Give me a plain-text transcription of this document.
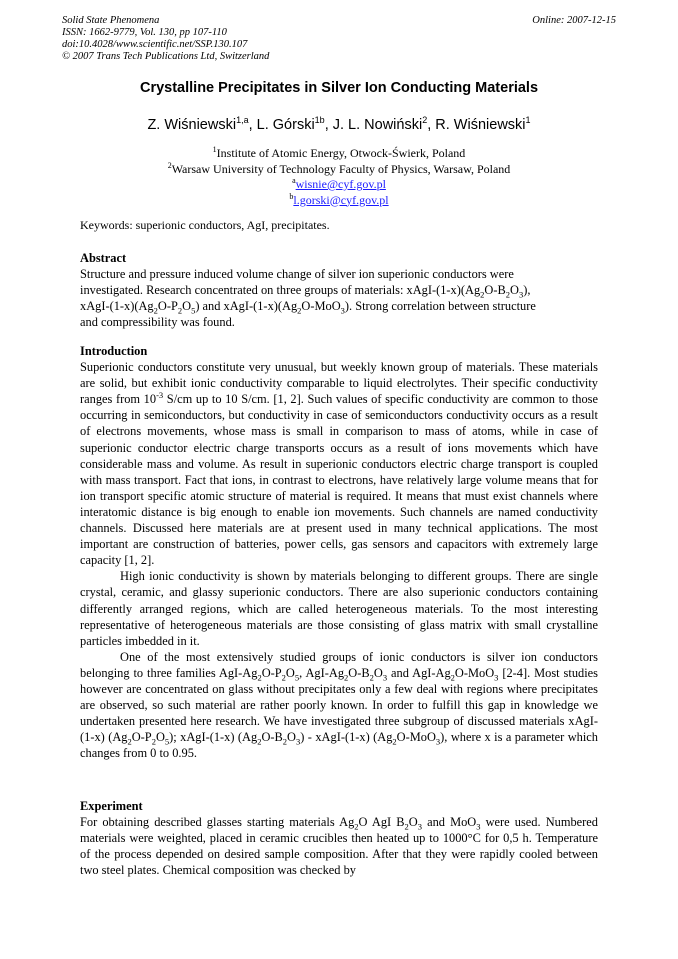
Solid State Phenomena
ISSN: 1662-9779, Vol. 130, pp 107-110
doi:10.4028/www.scientific.net/SSP.130.107
© 2007 Trans Tech Publications Ltd, Switzerland
Online: 2007-12-15
Crystalline Precipitates in Silver Ion Conducting Materials
Z. Wiśniewski$^{1,a}$, L. Górski$^{1b}$, J. L. Nowiński$^2$, R. Wiśniewski$^1$
$^1$Institute of Atomic Energy, Otwock-Świerk, Poland
$^2$Warsaw University of Technology Faculty of Physics, Warsaw, Poland
$^a$wisnie@cyf.gov.pl
$^b$l.gorski@cyf.gov.pl
Keywords: superionic conductors, AgI, precipitates.
Abstract
Structure and pressure induced volume change of silver ion superionic conductors were
investigated. Research concentrated on three groups of materials: xAgI-$(1-x)(Ag_2O-B_2O_3)$,
xAgI-$(1-x)(Ag_2O-P_2O_5)$ and xAgI-$(1-x)(Ag_2O-MoO_3)$. Strong correlation between structure
and compressibility was found.
Introduction

Superionic conductors constitute very unusual, but weekly known group of materials. These materials are solid, but exhibit ionic conductivity comparable to liquid electrolytes. Their specific conductivity ranges from $10^{-3}$ S/cm up to 10 S/cm. [1, 2]. Such values of specific conductivity are common to those occurring in semiconductors, but conductivity in case of semiconductors conductivity occurs as a result of electrons movements, whose mass is small in comparison to mass of atoms, while in case of superionic conductor electric charge transports occurs as a result of ions movements which have considerable mass and volume. As result in superionic conductors electric charge transport is coupled with mass transport. Fact that ions, in contrast to electrons, have relatively large volume means that for ion transport specific atomic structure of material is required. It means that must exist channels where interatomic distance is big enough to enable ion movements. Such channels are named conductivity channels. Discussed here materials are at present used in many technical applications. The most important are construction of batteries, power cells, gas sensors and capacitors with extremely large capacity [1, 2].

High ionic conductivity is shown by materials belonging to different groups. There are single crystal, ceramic, and glassy superionic conductors. There are also superionic conductors containing differently arranged regions, which are called heterogeneous materials. To the most interesting representative of heterogeneous materials are those consisting of glass matrix with small crystalline particles imbedded in it.

One of the most extensively studied groups of ionic conductors is silver ion conductors belonging to three families AgI-$Ag_2O-P_2O_5$, AgI-$Ag_2O-B_2O_3$ and AgI-$Ag_2O-MoO_3$ [2-4]. Most studies however are concentrated on glass without precipitates only a few deal with regions where precipitates are observed, so such material are rather poorly known. In order to fulfill this gap in knowledge we undertaken presented here research. We have investigated three subgroup of discussed materials xAgI-(1-x) $(Ag_2O-P_2O_5)$; xAgI-(1-x) $(Ag_2O-B_2O_3)$ - xAgI-(1-x) $(Ag_2O-MoO_3)$, where x is a parameter which changes from 0 to 0.95.

Experiment

For obtaining described glasses starting materials $Ag_2O$ AgI $B_2O_3$ and MoO$_3$ were used. Numbered materials were weighted, placed in ceramic crucibles then heated up to 1000°C for 0,5 h. Temperature of the process depended on desired sample composition. After that they were rapidly cooled between two steel plates. Chemical composition was checked by
